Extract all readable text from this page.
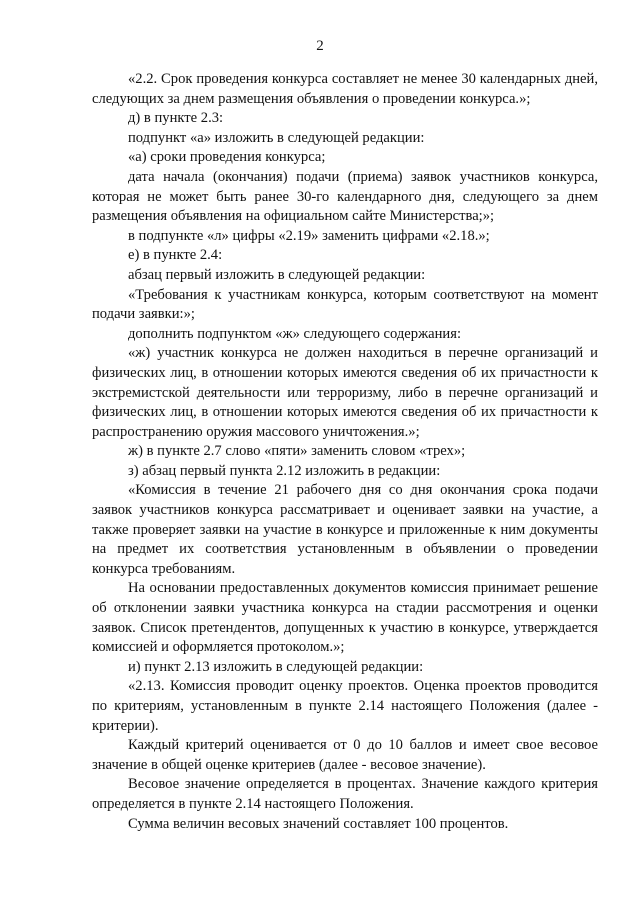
2

«2.2. Срок проведения конкурса составляет не менее 30 календарных дней, следующих за днем размещения объявления о проведении конкурса.»;

д) в пункте 2.3:

подпункт «а» изложить в следующей редакции:

«а) сроки проведения конкурса;

дата начала (окончания) подачи (приема) заявок участников конкурса, которая не может быть ранее 30-го календарного дня, следующего за днем размещения объявления на официальном сайте Министерства;»;

в подпункте «л» цифры «2.19» заменить цифрами «2.18.»;

е) в пункте 2.4:

абзац первый изложить в следующей редакции:

«Требования к участникам конкурса, которым соответствуют на момент подачи заявки:»;

дополнить подпунктом «ж» следующего содержания:

«ж) участник конкурса не должен находиться в перечне организаций и физических лиц, в отношении которых имеются сведения об их причастности к экстремистской деятельности или терроризму, либо в перечне организаций и физических лиц, в отношении которых имеются сведения об их причастности к распространению оружия массового уничтожения.»;

ж) в пункте 2.7 слово «пяти» заменить словом «трех»;

з) абзац первый пункта 2.12 изложить в редакции:

«Комиссия в течение 21 рабочего дня со дня окончания срока подачи заявок участников конкурса рассматривает и оценивает заявки на участие, а также проверяет заявки на участие в конкурсе и приложенные к ним документы на предмет их соответствия установленным в объявлении о проведении конкурса требованиям.

На основании предоставленных документов комиссия принимает решение об отклонении заявки участника конкурса на стадии рассмотрения и оценки заявок. Список претендентов, допущенных к участию в конкурсе, утверждается комиссией и оформляется протоколом.»;

и) пункт 2.13 изложить в следующей редакции:

«2.13. Комиссия проводит оценку проектов. Оценка проектов проводится по критериям, установленным в пункте 2.14 настоящего Положения (далее - критерии).

Каждый критерий оценивается от 0 до 10 баллов и имеет свое весовое значение в общей оценке критериев (далее - весовое значение).

Весовое значение определяется в процентах. Значение каждого критерия определяется в пункте 2.14 настоящего Положения.

Сумма величин весовых значений составляет 100 процентов.
